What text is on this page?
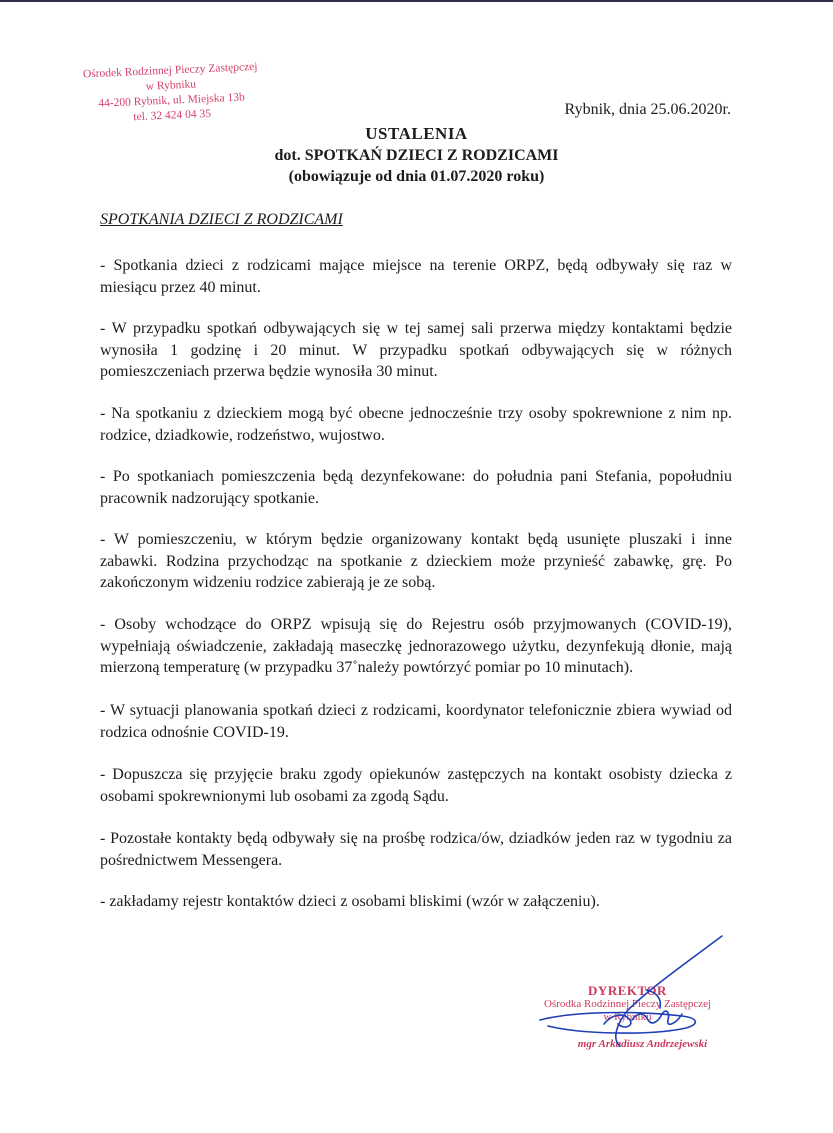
Ośrodek Rodzinnej Pieczy Zastępczej
w Rybniku
44-200 Rybnik, ul. Miejska 13b
tel. 32 424 04 35	Rybnik, dnia 25.06.2020r.
USTALENIA
dot. SPOTKAŃ DZIECI Z RODZICAMI
(obowiązuje od dnia 01.07.2020 roku)
SPOTKANIA DZIECI Z RODZICAMI
- Spotkania dzieci z rodzicami mające miejsce na terenie ORPZ, będą odbywały się raz w miesiącu przez 40 minut.
- W przypadku spotkań odbywających się w tej samej sali przerwa między kontaktami będzie wynosiła 1 godzinę i 20 minut. W przypadku spotkań odbywających się w różnych pomieszczeniach przerwa będzie wynosiła 30 minut.
- Na spotkaniu z dzieckiem mogą być obecne jednocześnie trzy osoby spokrewnione z nim np. rodzice, dziadkowie, rodzeństwo, wujostwo.
- Po spotkaniach pomieszczenia będą dezynfekowane: do południa pani Stefania, popołudniu pracownik nadzorujący spotkanie.
- W pomieszczeniu, w którym będzie organizowany kontakt będą usunięte pluszaki i inne zabawki. Rodzina przychodząc na spotkanie z dzieckiem może przynieść zabawkę, grę. Po zakończonym widzeniu rodzice zabierają je ze sobą.
- Osoby wchodzące do ORPZ wpisują się do Rejestru osób przyjmowanych (COVID-19), wypełniają oświadczenie, zakładają maseczkę jednorazowego użytku, dezynfekują dłonie, mają mierzoną temperaturę (w przypadku 37˚należy powtórzyć pomiar po 10 minutach).
- W sytuacji planowania spotkań dzieci z rodzicami, koordynator telefonicznie zbiera wywiad od rodzica odnośnie COVID-19.
- Dopuszcza się przyjęcie braku zgody opiekunów zastępczych na kontakt osobisty dziecka z osobami spokrewnionymi lub osobami za zgodą Sądu.
- Pozostałe kontakty będą odbywały się na prośbę rodzica/ów, dziadków jeden raz w tygodniu za pośrednictwem Messengera.
- zakładamy rejestr kontaktów dzieci z osobami bliskimi (wzór w załączeniu).
DYREKTOR
Ośrodka Rodzinnej Pieczy Zastępczej
w Rybniku
mgr Arkadiusz Andrzejewski
